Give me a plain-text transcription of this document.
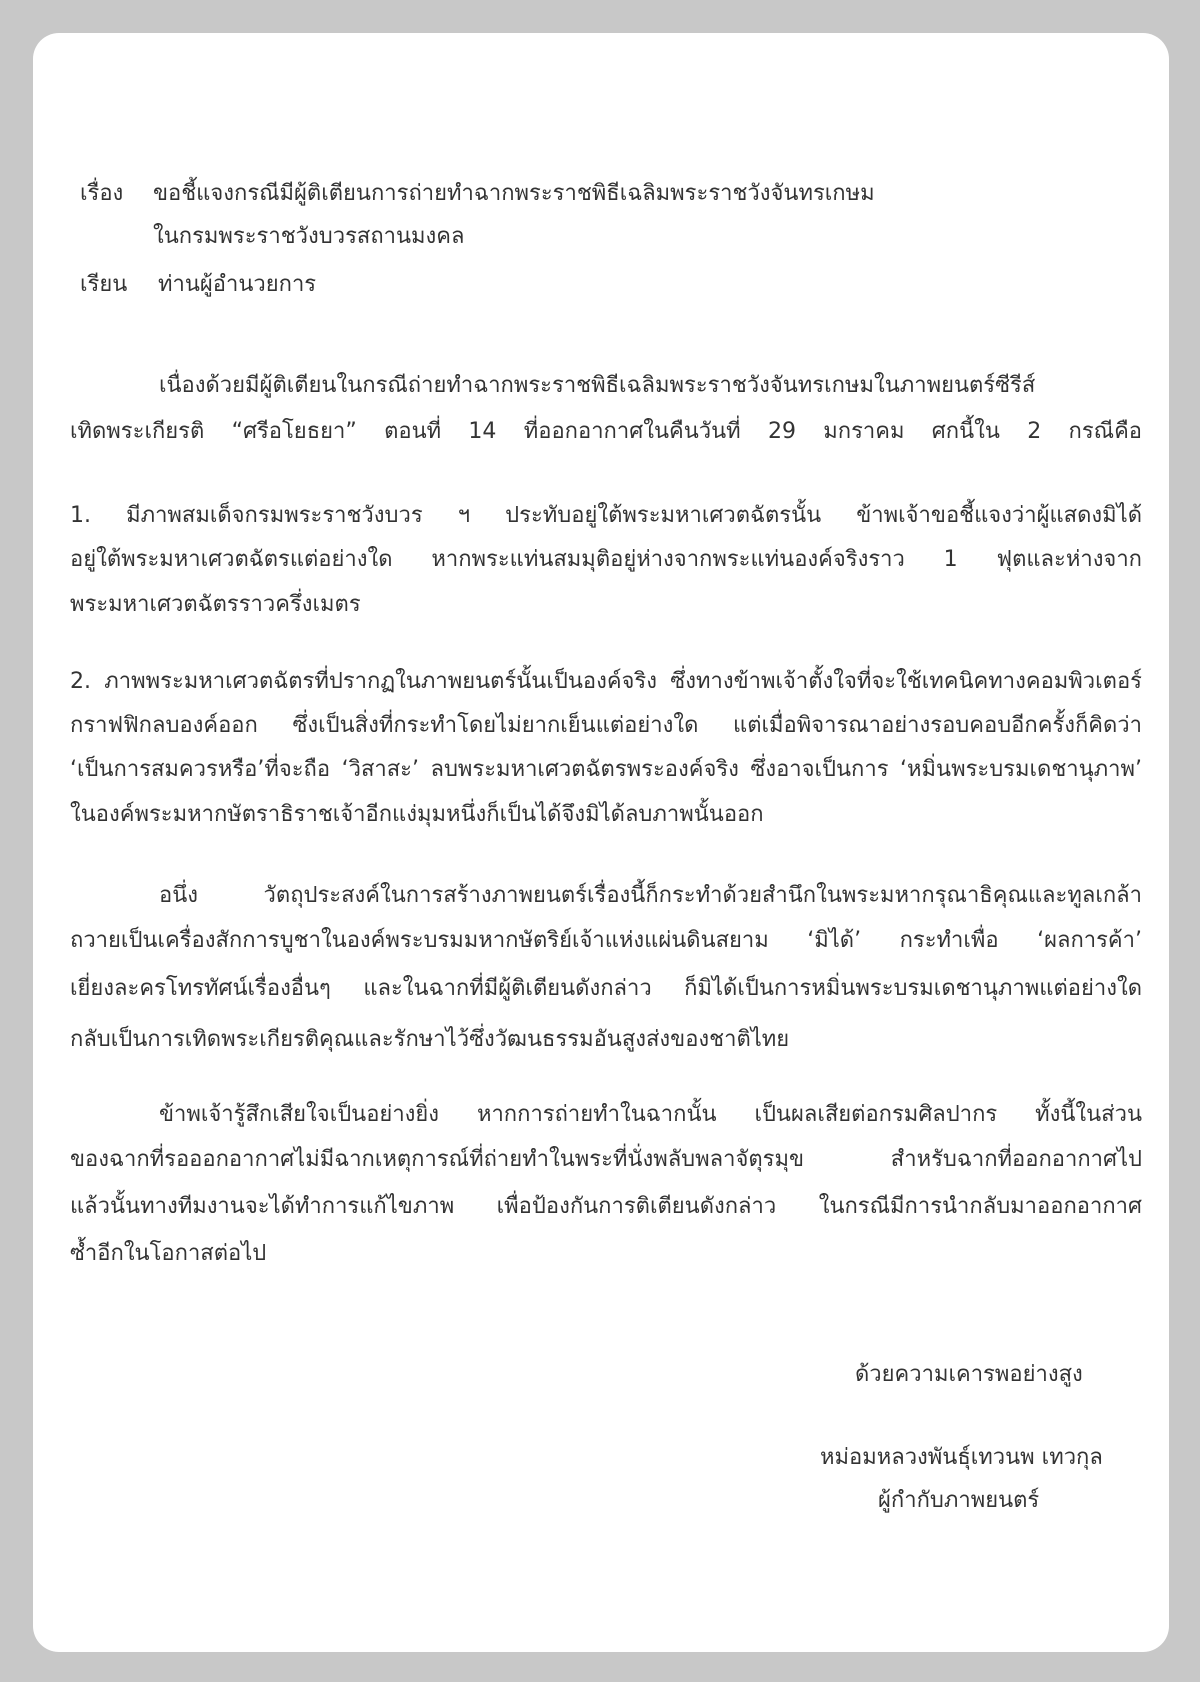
เรื่อง ขอชี้แจงกรณีมีผู้ติเตียนการถ่ายทำฉากพระราชพิธีเฉลิมพระราชวังจันทรเกษม
ในกรมพระราชวังบวรสถานมงคล
เรียน ท่านผู้อำนวยการ
เนื่องด้วยมีผู้ติเตียนในกรณีถ่ายทำฉากพระราชพิธีเฉลิมพระราชวังจันทรเกษมในภาพยนตร์ซีรีส์
เทิดพระเกียรติ “ศรีอโยธยา” ตอนที่ 14 ที่ออกอากาศในคืนวันที่ 29 มกราคม ศกนี้ใน 2 กรณีคือ
1. มีภาพสมเด็จกรมพระราชวังบวร ฯ ประทับอยู่ใต้พระมหาเศวตฉัตรนั้น ข้าพเจ้าขอชี้แจงว่าผู้แสดงมิได้
อยู่ใต้พระมหาเศวตฉัตรแต่อย่างใด หากพระแท่นสมมุติอยู่ห่างจากพระแท่นองค์จริงราว 1 ฟุตและห่างจาก
พระมหาเศวตฉัตรราวครึ่งเมตร
2. ภาพพระมหาเศวตฉัตรที่ปรากฏในภาพยนตร์นั้นเป็นองค์จริง ซึ่งทางข้าพเจ้าตั้งใจที่จะใช้เทคนิคทางคอมพิวเตอร์
กราฟฟิกลบองค์ออก ซึ่งเป็นสิ่งที่กระทำโดยไม่ยากเย็นแต่อย่างใด แต่เมื่อพิจารณาอย่างรอบคอบอีกครั้งก็คิดว่า
‘เป็นการสมควรหรือ’ที่จะถือ ‘วิสาสะ’ ลบพระมหาเศวตฉัตรพระองค์จริง ซึ่งอาจเป็นการ ‘หมิ่นพระบรมเดชานุภาพ’
ในองค์พระมหากษัตราธิราชเจ้าอีกแง่มุมหนึ่งก็เป็นได้จึงมิได้ลบภาพนั้นออก
อนึ่ง วัตถุประสงค์ในการสร้างภาพยนตร์เรื่องนี้ก็กระทำด้วยสำนึกในพระมหากรุณาธิคุณและทูลเกล้า
ถวายเป็นเครื่องสักการบูชาในองค์พระบรมมหากษัตริย์เจ้าแห่งแผ่นดินสยาม ‘มิได้’ กระทำเพื่อ ‘ผลการค้า’
เยี่ยงละครโทรทัศน์เรื่องอื่นๆ และในฉากที่มีผู้ติเตียนดังกล่าว ก็มิได้เป็นการหมิ่นพระบรมเดชานุภาพแต่อย่างใด
กลับเป็นการเทิดพระเกียรติคุณและรักษาไว้ซึ่งวัฒนธรรมอันสูงส่งของชาติไทย
ข้าพเจ้ารู้สึกเสียใจเป็นอย่างยิ่ง หากการถ่ายทำในฉากนั้น เป็นผลเสียต่อกรมศิลปากร ทั้งนี้ในส่วน
ของฉากที่รอออกอากาศไม่มีฉากเหตุการณ์ที่ถ่ายทำในพระที่นั่งพลับพลาจัตุรมุข สำหรับฉากที่ออกอากาศไป
แล้วนั้นทางทีมงานจะได้ทำการแก้ไขภาพ เพื่อป้องกันการติเตียนดังกล่าว ในกรณีมีการนำกลับมาออกอากาศ
ซ้ำอีกในโอกาสต่อไป
ด้วยความเคารพอย่างสูง
หม่อมหลวงพันธุ์เทวนพ เทวกุล
ผู้กำกับภาพยนตร์
